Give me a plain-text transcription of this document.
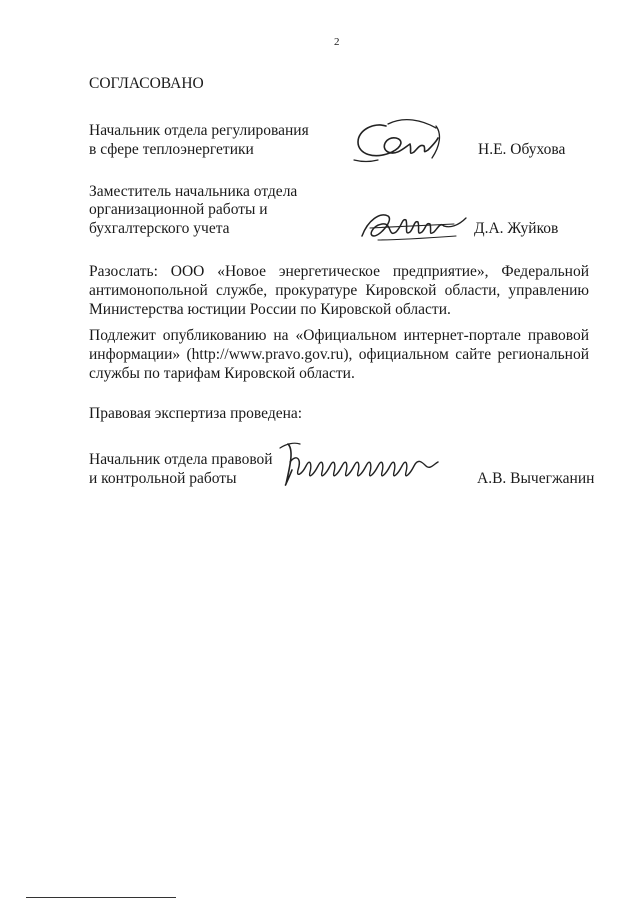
2
СОГЛАСОВАНО
Начальник отдела регулирования
в сфере теплоэнергетики	Н.Е. Обухова
Заместитель начальника отдела
организационной работы и
бухгалтерского учета	Д.А. Жуйков
Разослать: ООО «Новое энергетическое предприятие», Федеральной
антимонопольной службе, прокуратуре Кировской области, управлению
Министерства юстиции России по Кировской области.
Подлежит опубликованию на «Официальном интернет-портале правовой
информации» (http://www.pravo.gov.ru), официальном сайте региональной
службы по тарифам Кировской области.
Правовая экспертиза проведена:
Начальник отдела правовой
и контрольной работы	А.В. Вычегжанин
